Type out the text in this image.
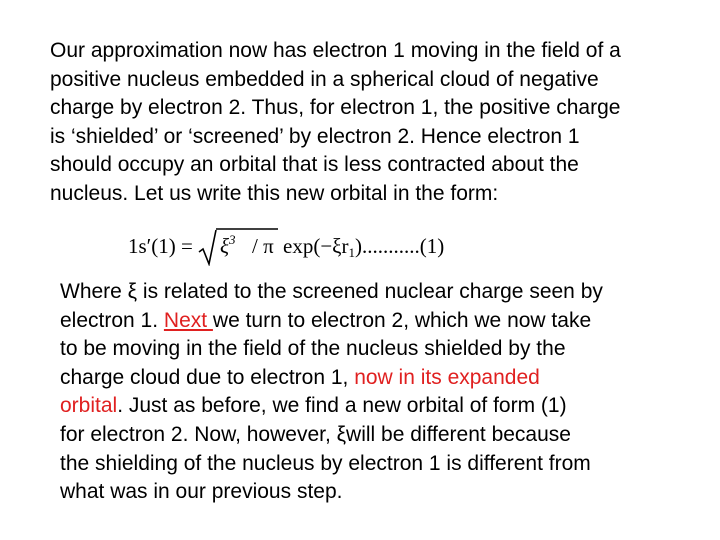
Our approximation now has electron 1 moving in the field of a
positive nucleus embedded in a spherical cloud of negative
charge by electron 2. Thus, for electron 1, the positive charge
is ‘shielded’ or ‘screened’ by electron 2. Hence electron 1
should occupy an orbital that is less contracted about the
nucleus. Let us write this new orbital in the form:
$1s'(1) = \xi^3 / \pi$ exp(−ξr1)...........(1)
Where ξ is related to the screened nuclear charge seen by
electron 1. Next we turn to electron 2, which we now take
to be moving in the field of the nucleus shielded by the
charge cloud due to electron 1, now in its expanded
orbital. Just as before, we find a new orbital of form (1)
for electron 2. Now, however, ξwill be different because
the shielding of the nucleus by electron 1 is different from
what was in our previous step.
